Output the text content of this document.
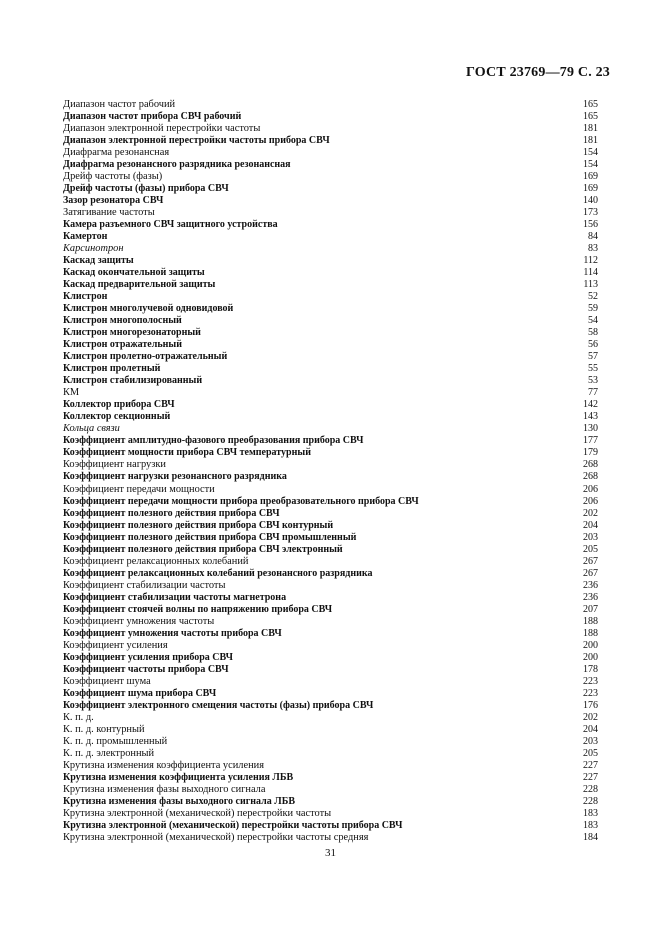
ГОСТ 23769—79 С. 23
Диапазон частот рабочий	165
Диапазон частот прибора СВЧ рабочий	165
Диапазон электронной перестройки частоты	181
Диапазон электронной перестройки частоты прибора СВЧ	181
Диафрагма резонансная	154
Диафрагма резонансного разрядника резонансная	154
Дрейф частоты (фазы)	169
Дрейф частоты (фазы) прибора СВЧ	169
Зазор резонатора СВЧ	140
Затягивание частоты	173
Камера разъемного СВЧ защитного устройства	156
Камертон	84
Карсинотрон	83
Каскад защиты	112
Каскад окончательной защиты	114
Каскад предварительной защиты	113
Клистрон	52
Клистрон многолучевой одновидовой	59
Клистрон многополосный	54
Клистрон многорезонаторный	58
Клистрон отражательный	56
Клистрон пролетно-отражательный	57
Клистрон пролетный	55
Клистрон стабилизированный	53
КМ	77
Коллектор прибора СВЧ	142
Коллектор секционный	143
Кольца связи	130
Коэффициент амплитудно-фазового преобразования прибора СВЧ	177
Коэффициент мощности прибора СВЧ температурный	179
Коэффициент нагрузки	268
Коэффициент нагрузки резонансного разрядника	268
Коэффициент передачи мощности	206
Коэффициент передачи мощности прибора преобразовательного прибора СВЧ	206
Коэффициент полезного действия прибора СВЧ	202
Коэффициент полезного действия прибора СВЧ контурный	204
Коэффициент полезного действия прибора СВЧ промышленный	203
Коэффициент полезного действия прибора СВЧ электронный	205
Коэффициент релаксационных колебаний	267
Коэффициент релаксационных колебаний резонансного разрядника	267
Коэффициент стабилизации частоты	236
Коэффициент стабилизации частоты магнетрона	236
Коэффициент стоячей волны по напряжению прибора СВЧ	207
Коэффициент умножения частоты	188
Коэффициент умножения частоты прибора СВЧ	188
Коэффициент усиления	200
Коэффициент усиления прибора СВЧ	200
Коэффициент частоты прибора СВЧ	178
Коэффициент шума	223
Коэффициент шума прибора СВЧ	223
Коэффициент электронного смещения частоты (фазы) прибора СВЧ	176
К. п. д.	202
К. п. д. контурный	204
К. п. д. промышленный	203
К. п. д. электронный	205
Крутизна изменения коэффициента усиления	227
Крутизна изменения коэффициента усиления ЛБВ	227
Крутизна изменения фазы выходного сигнала	228
Крутизна изменения фазы выходного сигнала ЛБВ	228
Крутизна электронной (механической) перестройки частоты	183
Крутизна электронной (механической) перестройки частоты прибора СВЧ	183
Крутизна электронной (механической) перестройки частоты средняя	184
31
